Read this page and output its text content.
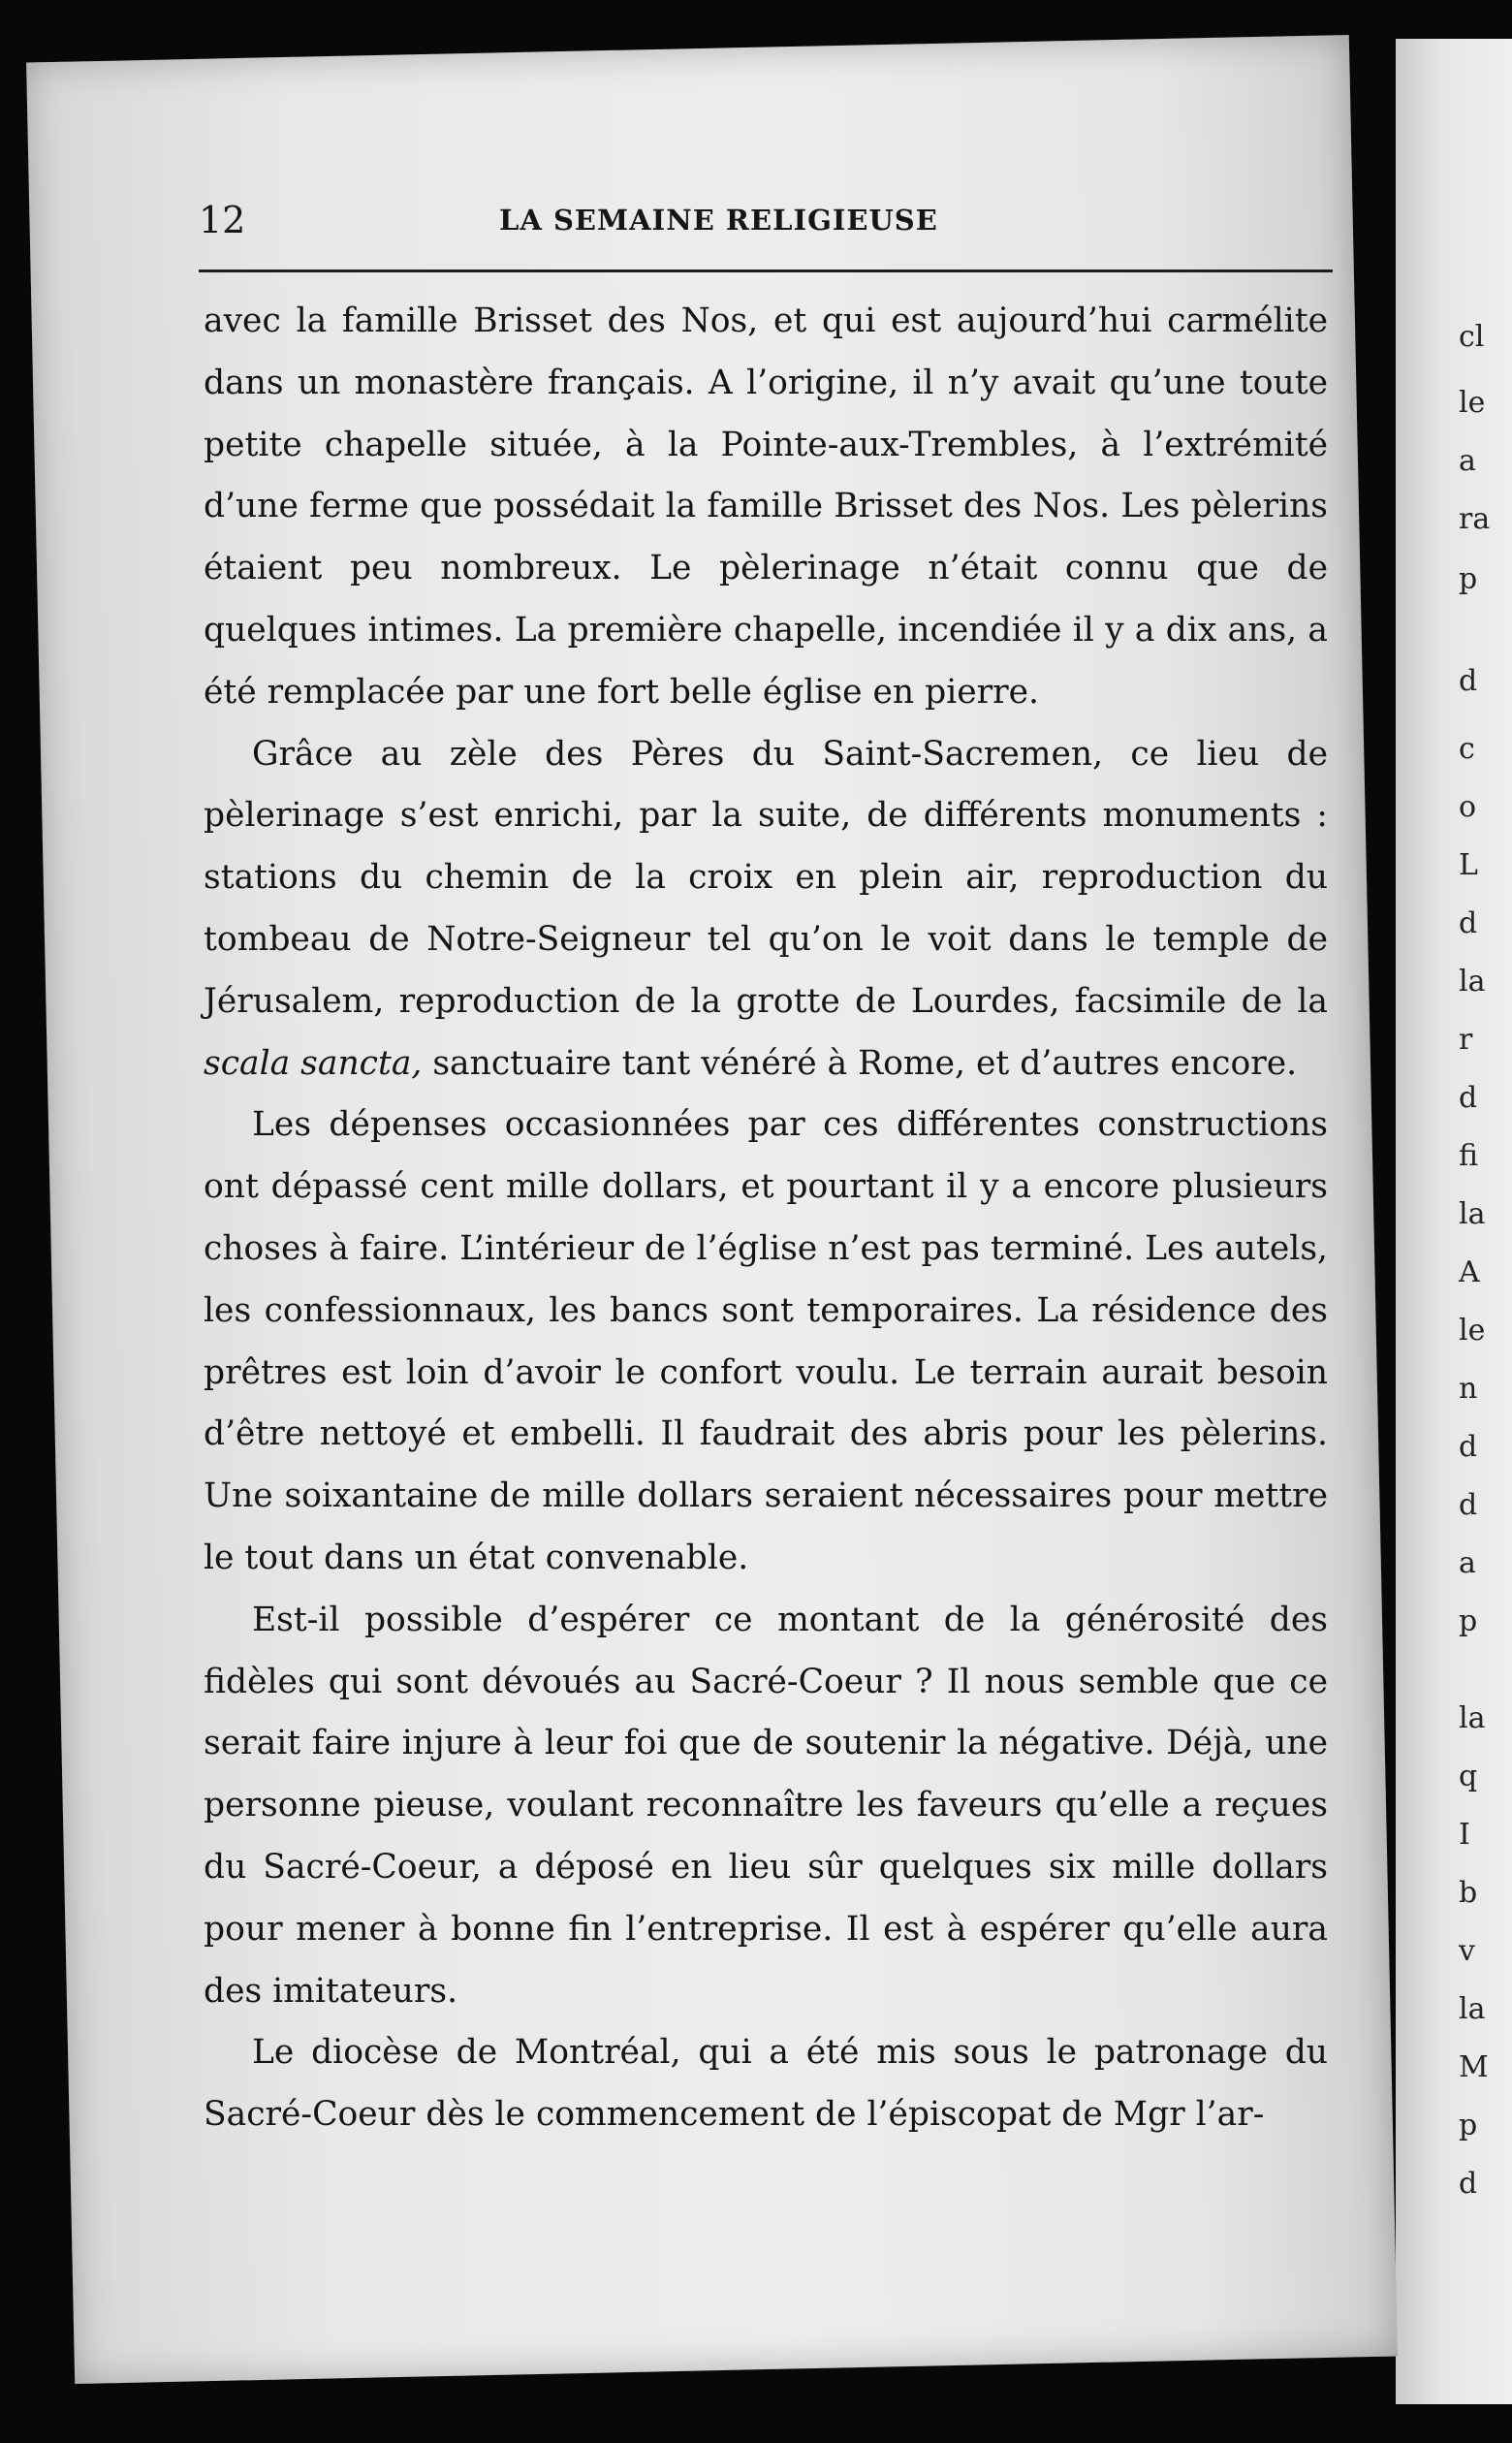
cl
le
a
ra
p
d
c
o
L
d
la
r
d
fi
la
A
le
n
d
d
a
p
la
q
I
b
v
la
M
p
d
12	LA SEMAINE RELIGIEUSE

avec la famille Brisset des Nos, et qui est aujourd’hui carmélite dans un monastère français. A l’origine, il n’y avait qu’une toute petite chapelle située, à la Pointe-aux-Trembles, à l’extrémité d’une ferme que possédait la famille Brisset des Nos. Les pèlerins étaient peu nombreux. Le pèlerinage n’était connu que de quelques intimes. La première chapelle, incendiée il y a dix ans, a été remplacée par une fort belle église en pierre.

Grâce au zèle des Pères du Saint-Sacremen, ce lieu de pèlerinage s’est enrichi, par la suite, de différents monuments : stations du chemin de la croix en plein air, reproduction du tombeau de Notre-Seigneur tel qu’on le voit dans le temple de Jérusalem, reproduction de la grotte de Lourdes, facsimile de la scala sancta, sanctuaire tant vénéré à Rome, et d’autres encore.

Les dépenses occasionnées par ces différentes constructions ont dépassé cent mille dollars, et pourtant il y a encore plusieurs choses à faire. L’intérieur de l’église n’est pas terminé. Les autels, les confessionnaux, les bancs sont temporaires. La résidence des prêtres est loin d’avoir le confort voulu. Le terrain aurait besoin d’être nettoyé et embelli. Il faudrait des abris pour les pèlerins. Une soixantaine de mille dollars seraient nécessaires pour mettre le tout dans un état convenable.

Est-il possible d’espérer ce montant de la générosité des fidèles qui sont dévoués au Sacré-Coeur ? Il nous semble que ce serait faire injure à leur foi que de soutenir la négative. Déjà, une personne pieuse, voulant reconnaître les faveurs qu’elle a reçues du Sacré-Coeur, a déposé en lieu sûr quelques six mille dollars pour mener à bonne fin l’entreprise. Il est à espérer qu’elle aura des imitateurs.

Le diocèse de Montréal, qui a été mis sous le patronage du Sacré-Coeur dès le commencement de l’épiscopat de Mgr l’ar-
